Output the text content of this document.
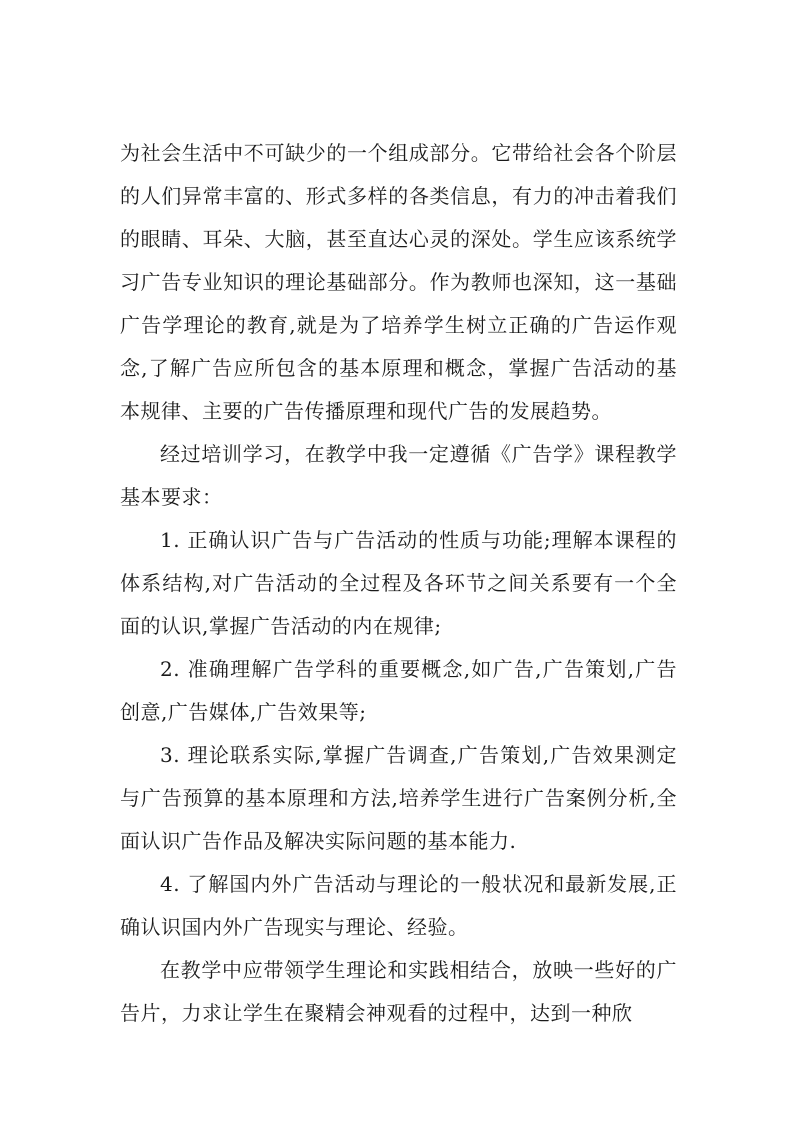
为社会生活中不可缺少的一个组成部分。它带给社会各个阶层的人们异常丰富的、形式多样的各类信息，有力的冲击着我们的眼睛、耳朵、大脑，甚至直达心灵的深处。学生应该系统学习广告专业知识的理论基础部分。作为教师也深知，这一基础广告学理论的教育,就是为了培养学生树立正确的广告运作观念,了解广告应所包含的基本原理和概念，掌握广告活动的基本规律、主要的广告传播原理和现代广告的发展趋势。

经过培训学习，在教学中我一定遵循《广告学》课程教学基本要求：

1. 正确认识广告与广告活动的性质与功能;理解本课程的体系结构,对广告活动的全过程及各环节之间关系要有一个全面的认识,掌握广告活动的内在规律;

2. 准确理解广告学科的重要概念,如广告,广告策划,广告创意,广告媒体,广告效果等;

3. 理论联系实际,掌握广告调查,广告策划,广告效果测定与广告预算的基本原理和方法,培养学生进行广告案例分析,全面认识广告作品及解决实际问题的基本能力.

4. 了解国内外广告活动与理论的一般状况和最新发展,正确认识国内外广告现实与理论、经验。

在教学中应带领学生理论和实践相结合，放映一些好的广告片，力求让学生在聚精会神观看的过程中，达到一种欣
